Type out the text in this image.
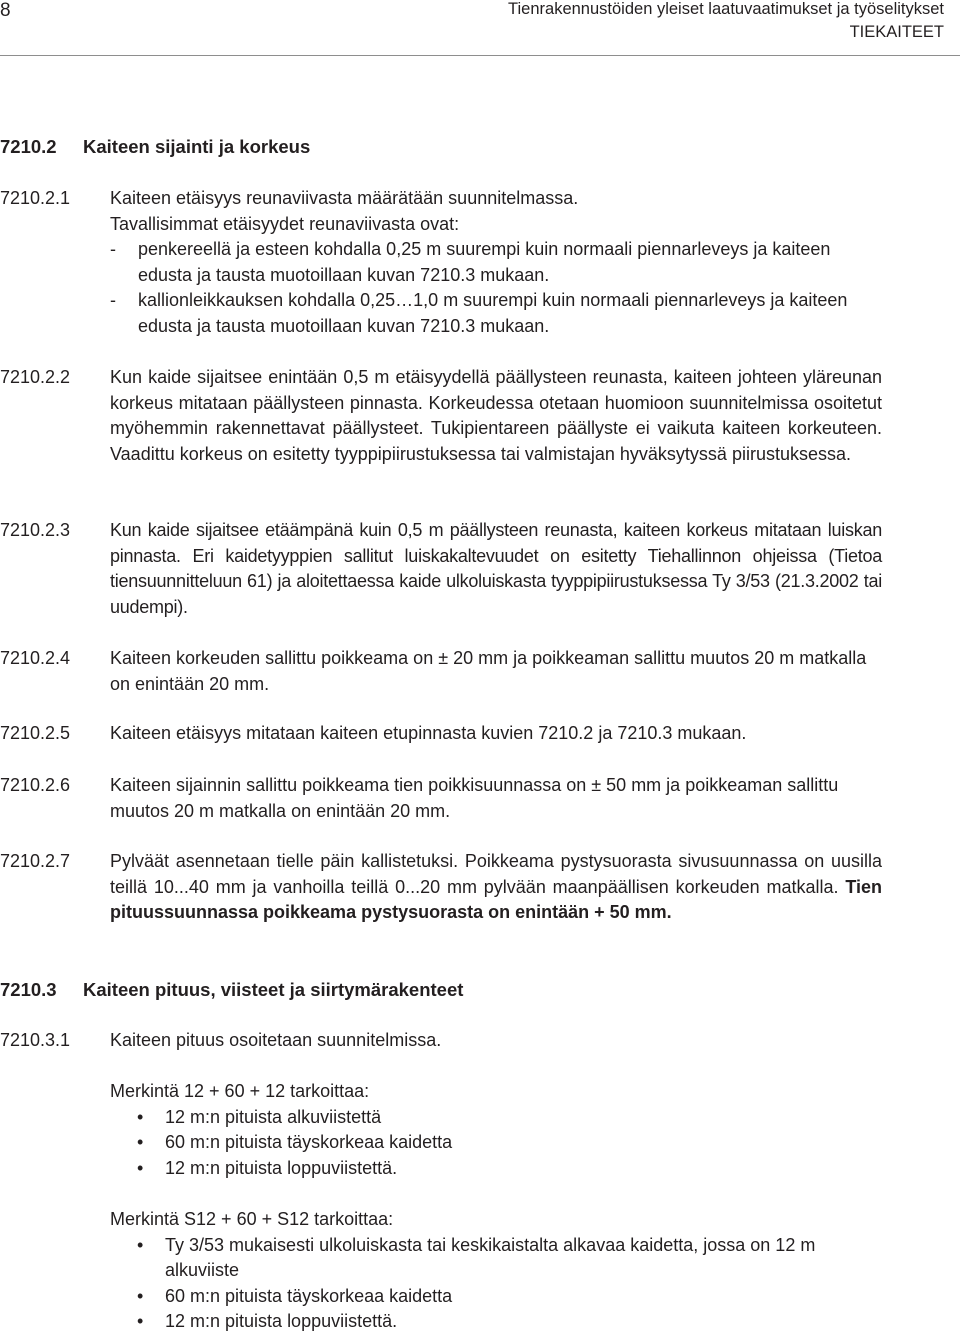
8	Tienrakennustöiden yleiset laatuvaatimukset ja työselitykset
TIEKAITEET
7210.2 Kaiteen sijainti ja korkeus
7210.2.1 Kaiteen etäisyys reunaviivasta määrätään suunnitelmassa.
Tavallisimmat etäisyydet reunaviivasta ovat:
- penkereellä ja esteen kohdalla 0,25 m suurempi kuin normaali piennarleveys ja kaiteen edusta ja tausta muotoillaan kuvan 7210.3 mukaan.
- kallionleikkauksen kohdalla 0,25…1,0 m suurempi kuin normaali piennarleveys ja kaiteen edusta ja tausta muotoillaan kuvan 7210.3 mukaan.
7210.2.2 Kun kaide sijaitsee enintään 0,5 m etäisyydellä päällysteen reunasta, kaiteen johteen yläreunan korkeus mitataan päällysteen pinnasta. Korkeudessa otetaan huomioon suunnitelmissa osoitetut myöhemmin rakennettavat päällysteet. Tukipientareen päällyste ei vaikuta kaiteen korkeuteen. Vaadittu korkeus on esitetty tyyppipiirustuksessa tai valmistajan hyväksytyssä piirustuksessa.
7210.2.3 Kun kaide sijaitsee etäämpänä kuin 0,5 m päällysteen reunasta, kaiteen korkeus mitataan luiskan pinnasta. Eri kaidetyyppien sallitut luiskakaltevuudet on esitetty Tiehallinnon ohjeissa (Tietoa tiensuunnitteluun 61) ja aloitettaessa kaide ulkoluiskasta tyyppipiirustuksessa Ty 3/53 (21.3.2002 tai uudempi).
7210.2.4 Kaiteen korkeuden sallittu poikkeama on ± 20 mm ja poikkeaman sallittu muutos 20 m matkalla on enintään 20 mm.
7210.2.5 Kaiteen etäisyys mitataan kaiteen etupinnasta kuvien 7210.2 ja 7210.3 mukaan.
7210.2.6 Kaiteen sijainnin sallittu poikkeama tien poikkisuunnassa on ± 50 mm ja poikkeaman sallittu muutos 20 m matkalla on enintään 20 mm.
7210.2.7 Pylväät asennetaan tielle päin kallistetuksi. Poikkeama pystysuorasta sivusuunnassa on uusilla teillä 10...40 mm ja vanhoilla teillä 0...20 mm pylvään maanpäällisen korkeuden matkalla. Tien pituussuunnassa poikkeama pystysuorasta on enintään + 50 mm.
7210.3 Kaiteen pituus, viisteet ja siirtymärakenteet
7210.3.1 Kaiteen pituus osoitetaan suunnitelmissa.
Merkintä 12 + 60 + 12 tarkoittaa:
• 12 m:n pituista alkuviistettä
• 60 m:n pituista täyskorkeaa kaidetta
• 12 m:n pituista loppuviistettä.
Merkintä S12 + 60 + S12 tarkoittaa:
• Ty 3/53 mukaisesti ulkoluiskasta tai keskikaistalta alkavaa kaidetta, jossa on 12 m alkuviiste
• 60 m:n pituista täyskorkeaa kaidetta
• 12 m:n pituista loppuviistettä.
